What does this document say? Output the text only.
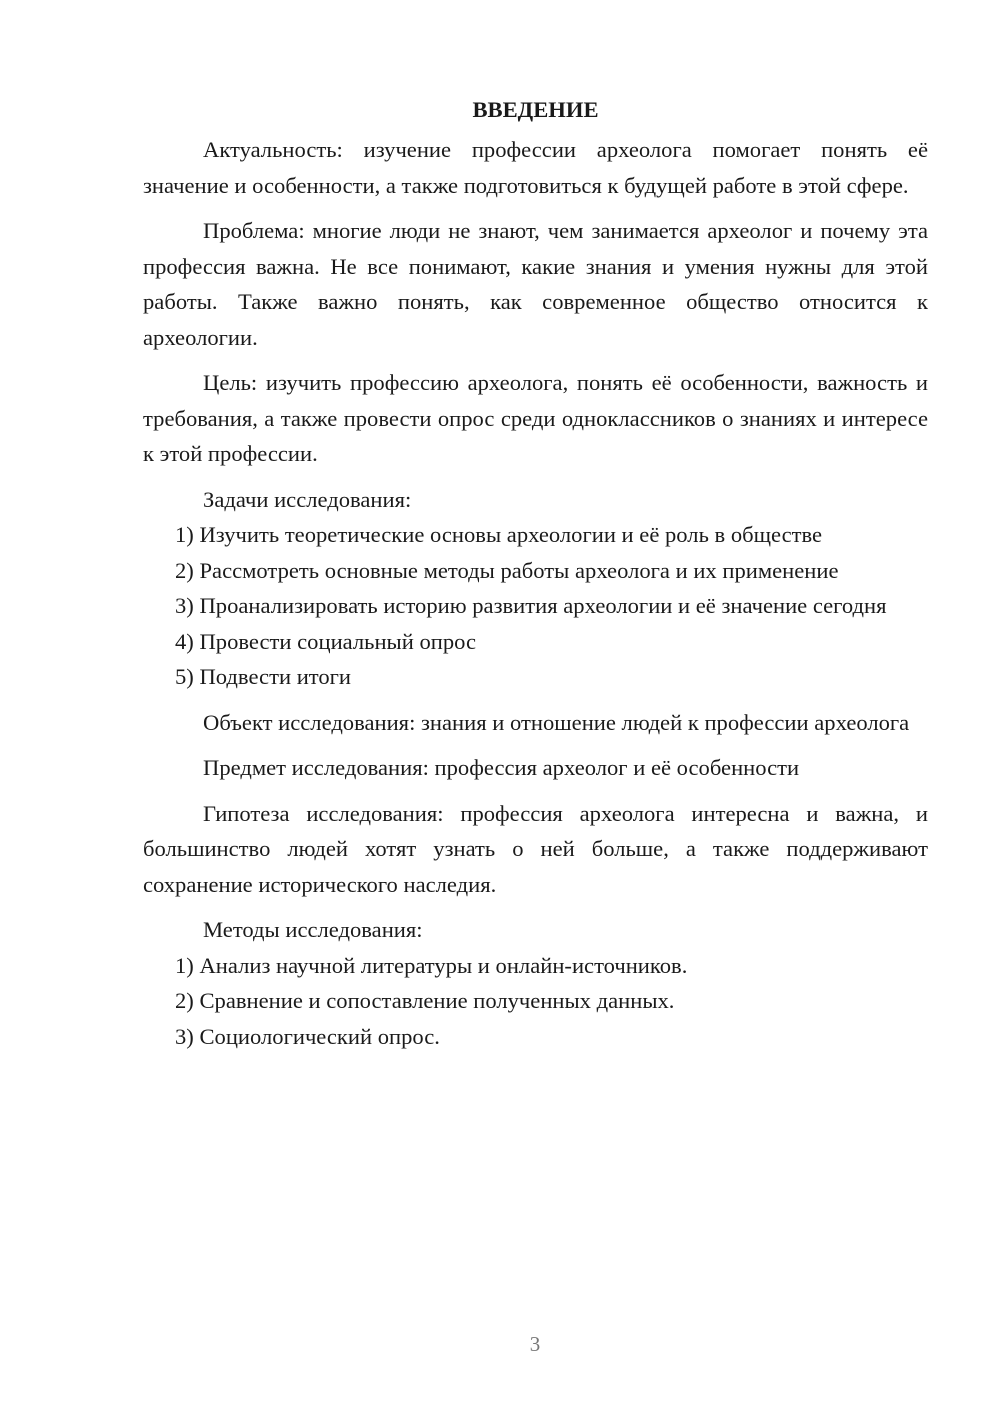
ВВЕДЕНИЕ

Актуальность: изучение профессии археолога помогает понять её значение и особенности, а также подготовиться к будущей работе в этой сфере.

Проблема: многие люди не знают, чем занимается археолог и почему эта профессия важна. Не все понимают, какие знания и умения нужны для этой работы. Также важно понять, как современное общество относится к археологии.

Цель: изучить профессию археолога, понять её особенности, важность и требования, а также провести опрос среди одноклассников о знаниях и интересе к этой профессии.

Задачи исследования:

1) Изучить теоретические основы археологии и её роль в обществе

2) Рассмотреть основные методы работы археолога и их применение

3) Проанализировать историю развития археологии и её значение сегодня

4) Провести социальный опрос

5) Подвести итоги

Объект исследования: знания и отношение людей к профессии археолога

Предмет исследования: профессия археолог и её особенности

Гипотеза исследования: профессия археолога интересна и важна, и большинство людей хотят узнать о ней больше, а также поддерживают сохранение исторического наследия.

Методы исследования:

1) Анализ научной литературы и онлайн-источников.

2) Сравнение и сопоставление полученных данных.

3) Социологический опрос.

3
